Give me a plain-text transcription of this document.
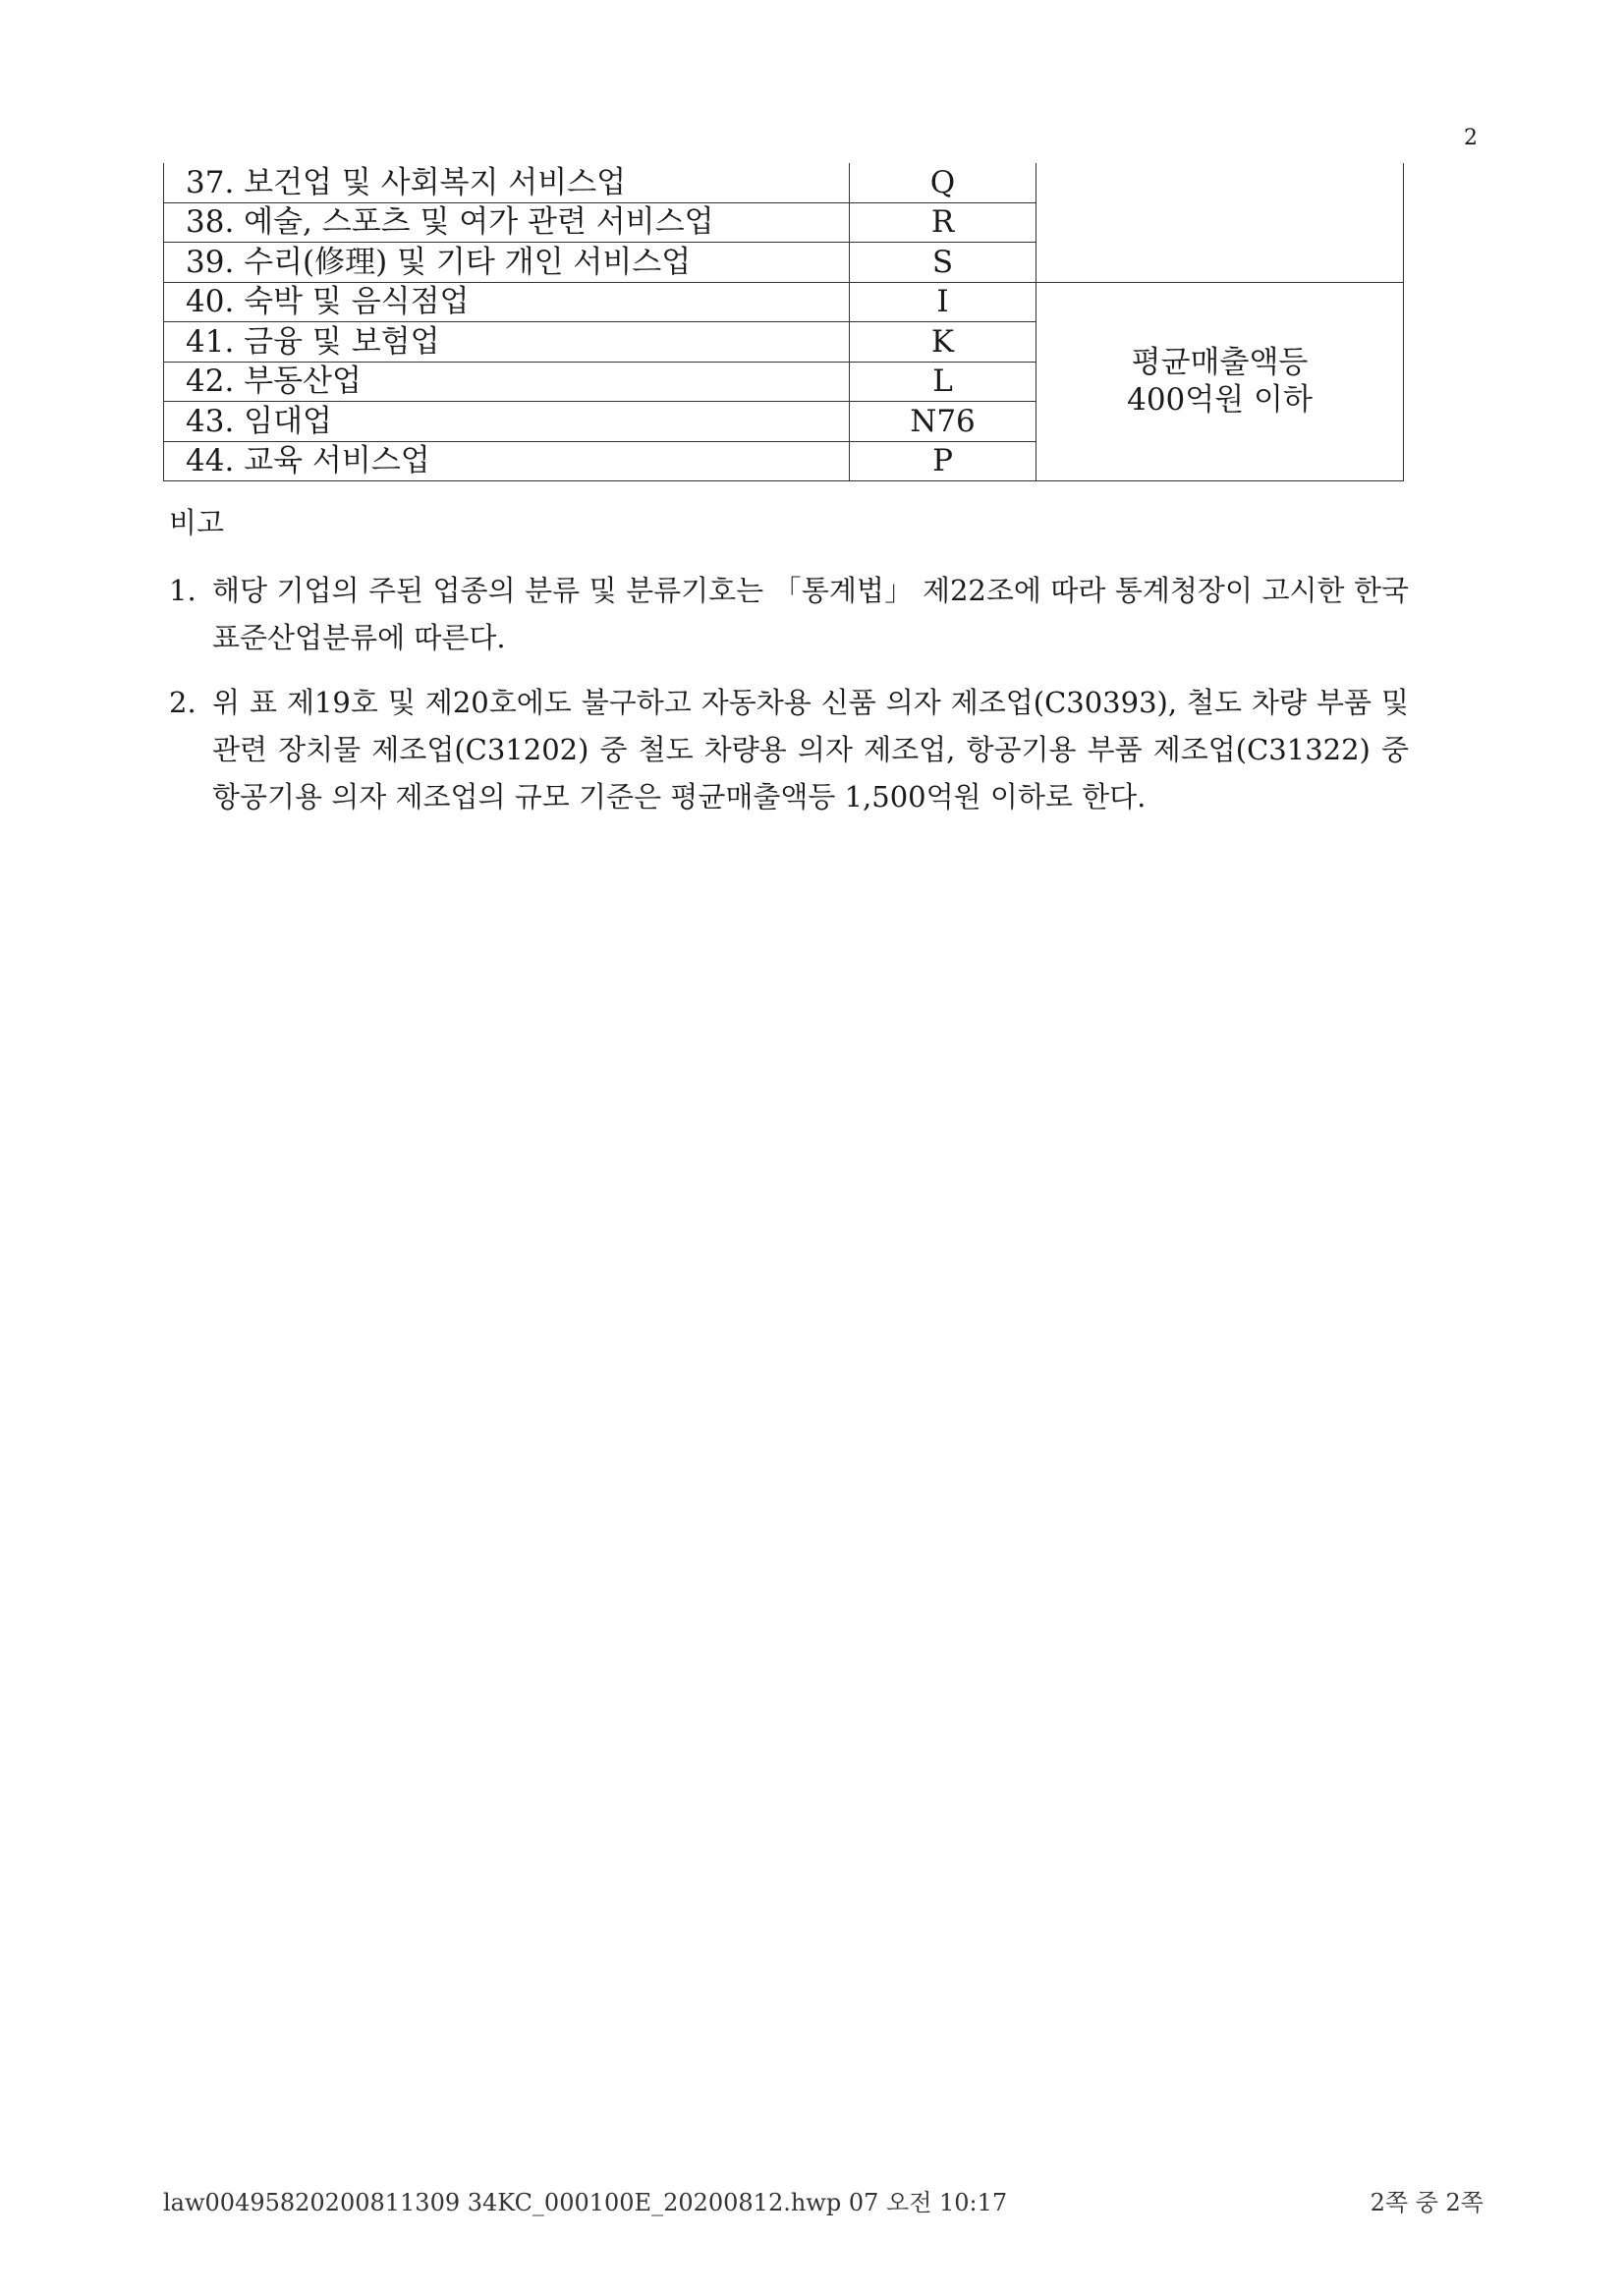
2
37. 보건업 및 사회복지 서비스업	Q	
38. 예술, 스포츠 및 여가 관련 서비스업	R	
39. 수리(修理) 및 기타 개인 서비스업	S	
40. 숙박 및 음식점업	I	평균매출액등
400억원 이하
41. 금융 및 보험업	K	
42. 부동산업	L	
43. 임대업	N76	
44. 교육 서비스업	P	
비고
1. 해당 기업의 주된 업종의 분류 및 분류기호는 「통계법」 제22조에 따라 통계청장이 고시한 한국표준산업분류에 따른다.
2. 위 표 제19호 및 제20호에도 불구하고 자동차용 신품 의자 제조업(C30393), 철도 차량 부품 및 관련 장치물 제조업(C31202) 중 철도 차량용 의자 제조업, 항공기용 부품 제조업(C31322) 중 항공기용 의자 제조업의 규모 기준은 평균매출액등 1,500억원 이하로 한다.
law00495820200811309 34KC_000100E_20200812.hwp 07 오전 10:17	2쪽 중 2쪽
